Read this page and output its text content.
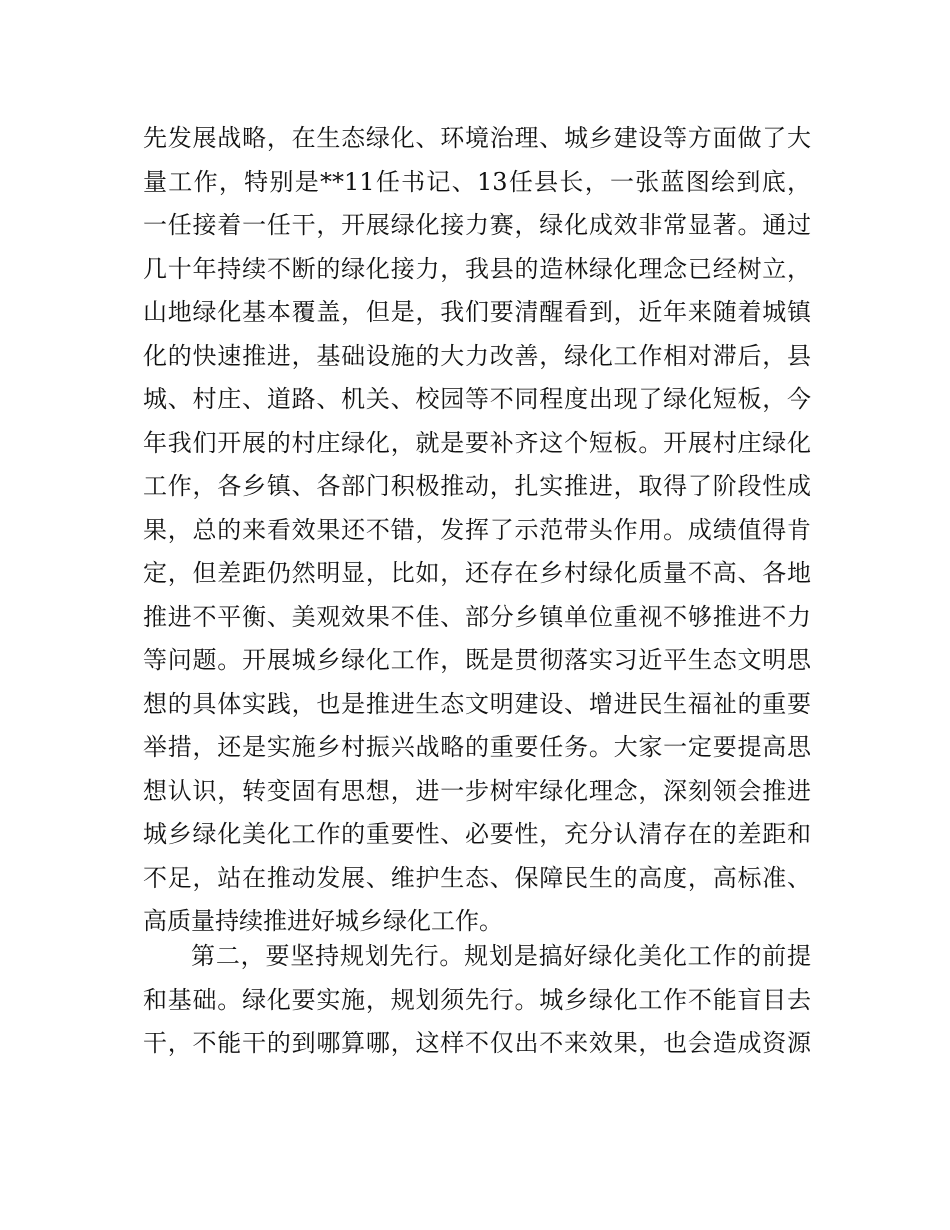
先发展战略，在生态绿化、环境治理、城乡建设等方面做了大
量工作，特别是**11任书记、13任县长，一张蓝图绘到底，
一任接着一任干，开展绿化接力赛，绿化成效非常显著。通过
几十年持续不断的绿化接力，我县的造林绿化理念已经树立，
山地绿化基本覆盖，但是，我们要清醒看到，近年来随着城镇
化的快速推进，基础设施的大力改善，绿化工作相对滞后，县
城、村庄、道路、机关、校园等不同程度出现了绿化短板，今
年我们开展的村庄绿化，就是要补齐这个短板。开展村庄绿化
工作，各乡镇、各部门积极推动，扎实推进，取得了阶段性成
果，总的来看效果还不错，发挥了示范带头作用。成绩值得肯
定，但差距仍然明显，比如，还存在乡村绿化质量不高、各地
推进不平衡、美观效果不佳、部分乡镇单位重视不够推进不力
等问题。开展城乡绿化工作，既是贯彻落实习近平生态文明思
想的具体实践，也是推进生态文明建设、增进民生福祉的重要
举措，还是实施乡村振兴战略的重要任务。大家一定要提高思
想认识，转变固有思想，进一步树牢绿化理念，深刻领会推进
城乡绿化美化工作的重要性、必要性，充分认清存在的差距和
不足，站在推动发展、维护生态、保障民生的高度，高标准、
高质量持续推进好城乡绿化工作。
第二，要坚持规划先行。规划是搞好绿化美化工作的前提
和基础。绿化要实施，规划须先行。城乡绿化工作不能盲目去
干，不能干的到哪算哪，这样不仅出不来效果，也会造成资源
